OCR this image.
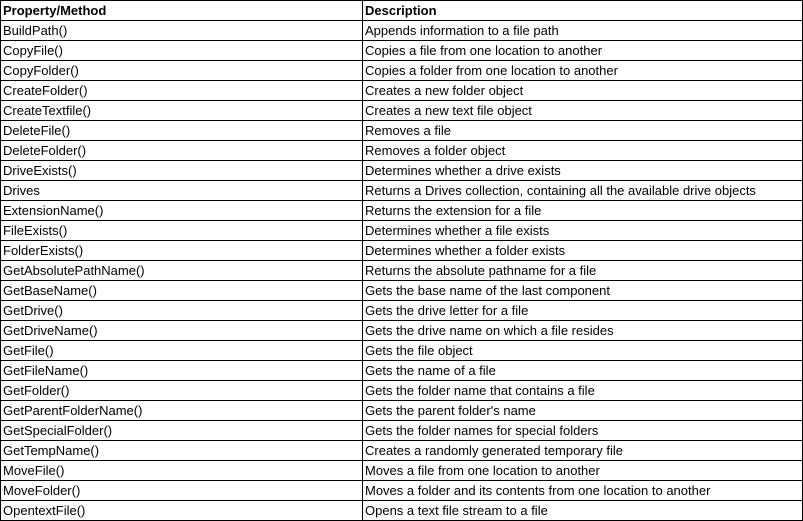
Property/Method	Description
BuildPath()	Appends information to a file path
CopyFile()	Copies a file from one location to another
CopyFolder()	Copies a folder from one location to another
CreateFolder()	Creates a new folder object
CreateTextfile()	Creates a new text file object
DeleteFile()	Removes a file
DeleteFolder()	Removes a folder object
DriveExists()	Determines whether a drive exists
Drives	Returns a Drives collection, containing all the available drive objects
ExtensionName()	Returns the extension for a file
FileExists()	Determines whether a file exists
FolderExists()	Determines whether a folder exists
GetAbsolutePathName()	Returns the absolute pathname for a file
GetBaseName()	Gets the base name of the last component
GetDrive()	Gets the drive letter for a file
GetDriveName()	Gets the drive name on which a file resides
GetFile()	Gets the file object
GetFileName()	Gets the name of a file
GetFolder()	Gets the folder name that contains a file
GetParentFolderName()	Gets the parent folder's name
GetSpecialFolder()	Gets the folder names for special folders
GetTempName()	Creates a randomly generated temporary file
MoveFile()	Moves a file from one location to another
MoveFolder()	Moves a folder and its contents from one location to another
OpentextFile()	Opens a text file stream to a file
